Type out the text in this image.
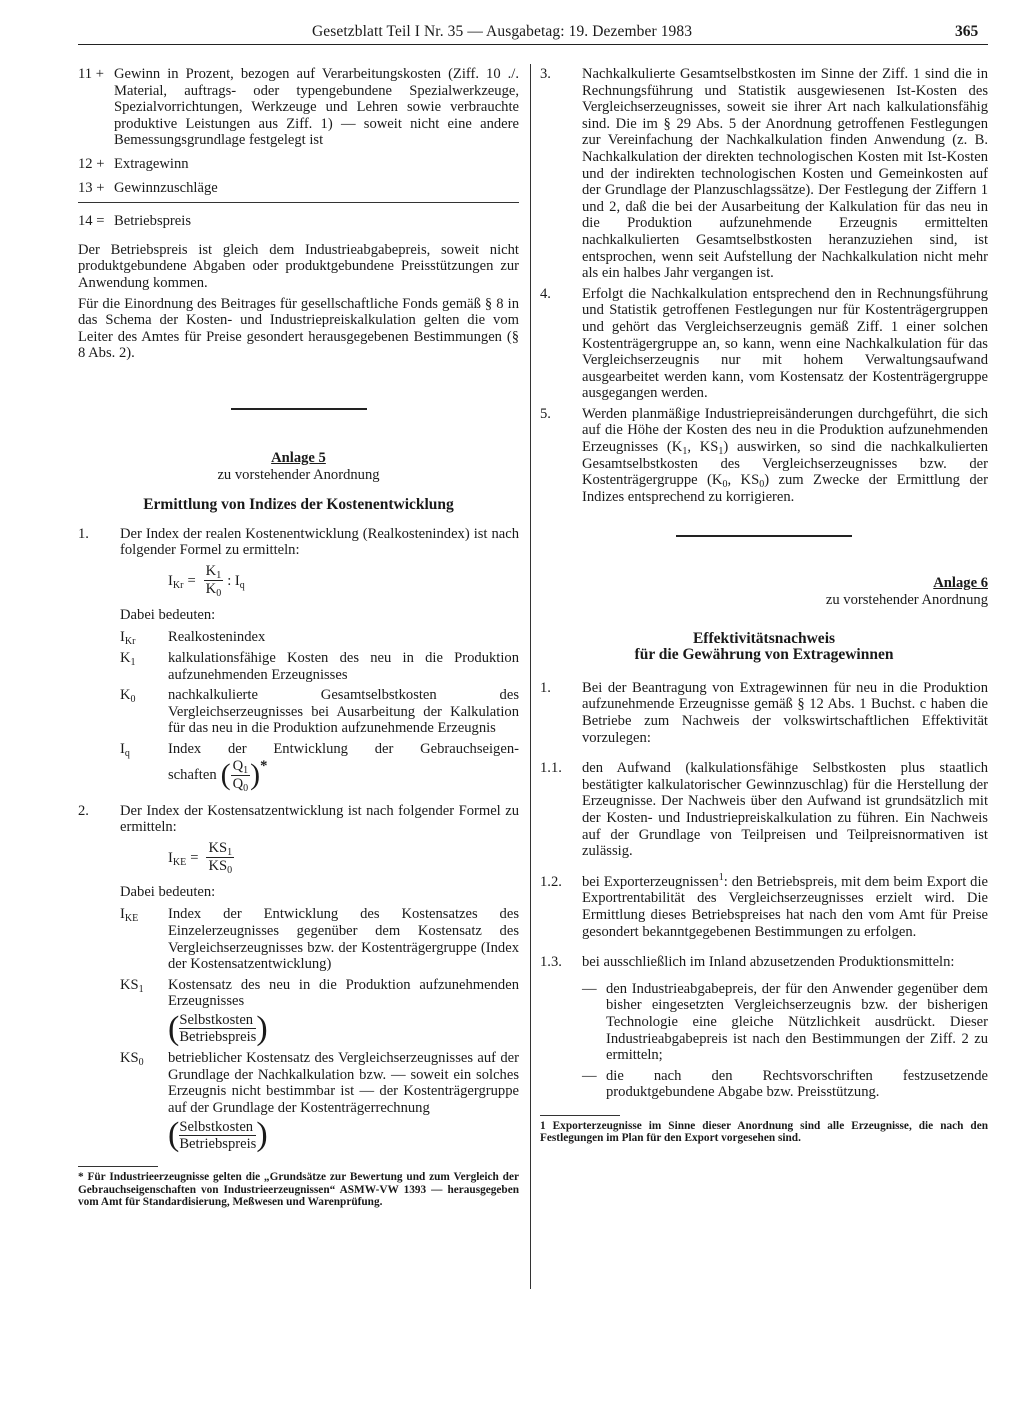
Gesetzblatt Teil I Nr. 35 — Ausgabetag: 19. Dezember 1983	365
11 + Gewinn in Prozent, bezogen auf Verarbeitungskosten (Ziff. 10 ./. Material, auftrags- oder typengebundene Spezialwerkzeuge, Spezialvorrichtungen, Werkzeuge und Lehren sowie verbrauchte produktive Leistungen aus Ziff. 1) — soweit nicht eine andere Bemessungsgrundlage festgelegt ist
12 + Extragewinn
13 + Gewinnzuschläge
14 = Betriebspreis

Der Betriebspreis ist gleich dem Industrieabgabepreis, soweit nicht produktgebundene Abgaben oder produktgebundene Preisstützungen zur Anwendung kommen.

Für die Einordnung des Beitrages für gesellschaftliche Fonds gemäß § 8 in das Schema der Kosten- und Industriepreiskalkulation gelten die vom Leiter des Amtes für Preise gesondert herausgegebenen Bestimmungen (§ 8 Abs. 2).

Anlage 5
zu vorstehender Anordnung
Ermittlung von Indizes der Kostenentwicklung
1.	Der Index der realen Kostenentwicklung (Realkostenindex) ist nach folgender Formel zu ermitteln:
$I_{Kr} = \frac{K_1}{K_0}$ : $I_q$
Dabei bedeuten:
$I_{Kr}$	Realkostenindex
$K_1$	kalkulationsfähige Kosten des neu in die Produktion aufzunehmenden Erzeugnisses
$K_0$	nachkalkulierte Gesamtselbstkosten des Vergleichserzeugnisses bei Ausarbeitung der Kalkulation für das neu in die Produktion aufzunehmende Erzeugnis
$I_q$	Index der Entwicklung der Gebrauchseigen-
schaften ( $\frac{Q_1}{Q_0}$ ) *
2.	Der Index der Kostensatzentwicklung ist nach folgender Formel zu ermitteln:
$I_{KE} = \frac{KS_1}{KS_0}$
Dabei bedeuten:
$I_{KE}$	Index der Entwicklung des Kostensatzes des Einzelerzeugnisses gegenüber dem Kostensatz des Vergleichserzeugnisses bzw. der Kostenträgergruppe (Index der Kostensatzentwicklung)
$KS_1$	Kostensatz des neu in die Produktion aufzunehmenden Erzeugnisses
( Selbstkosten
Betriebspreis )
$KS_0$	betrieblicher Kostensatz des Vergleichserzeugnisses auf der Grundlage der Nachkalkulation bzw. — soweit ein solches Erzeugnis nicht bestimmbar ist — der Kostenträgergruppe auf der Grundlage der Kostenträgerrechnung
( Selbstkosten
Betriebspreis )

* Für Industrieerzeugnisse gelten die „Grundsätze zur Bewertung und zum Vergleich der Gebrauchseigenschaften von Industrieerzeugnissen“ ASMW-VW 1393 — herausgegeben vom Amt für Standardisierung, Meßwesen und Warenprüfung.

3.	Nachkalkulierte Gesamtselbstkosten im Sinne der Ziff. 1 sind die in Rechnungsführung und Statistik ausgewiesenen Ist-Kosten des Vergleichserzeugnisses, soweit sie ihrer Art nach kalkulationsfähig sind. Die im § 29 Abs. 5 der Anordnung getroffenen Festlegungen zur Vereinfachung der Nachkalkulation finden Anwendung (z. B. Nachkalkulation der direkten technologischen Kosten mit Ist-Kosten und der indirekten technologischen Kosten und Gemeinkosten auf der Grundlage der Planzuschlagssätze). Der Festlegung der Ziffern 1 und 2, daß die bei der Ausarbeitung der Kalkulation für das neu in die Produktion aufzunehmende Erzeugnis ermittelten nachkalkulierten Gesamtselbstkosten heranzuziehen sind, ist entsprochen, wenn seit Aufstellung der Nachkalkulation nicht mehr als ein halbes Jahr vergangen ist.
4.	Erfolgt die Nachkalkulation entsprechend den in Rechnungsführung und Statistik getroffenen Festlegungen nur für Kostenträgergruppen und gehört das Vergleichserzeugnis gemäß Ziff. 1 einer solchen Kostenträgergruppe an, so kann, wenn eine Nachkalkulation für das Vergleichserzeugnis nur mit hohem Verwaltungsaufwand ausgearbeitet werden kann, vom Kostensatz der Kostenträgergruppe ausgegangen werden.
5.	Werden planmäßige Industriepreisänderungen durchgeführt, die sich auf die Höhe der Kosten des neu in die Produktion aufzunehmenden Erzeugnisses ($K_1$, $KS_1$) auswirken, so sind die nachkalkulierten Gesamtselbstkosten des Vergleichserzeugnisses bzw. der Kostenträgergruppe ($K_0$, $KS_0$) zum Zwecke der Ermittlung der Indizes entsprechend zu korrigieren.
Anlage 6
zu vorstehender Anordnung
Effektivitätsnachweis
für die Gewährung von Extragewinnen
1.	Bei der Beantragung von Extragewinnen für neu in die Produktion aufzunehmende Erzeugnisse gemäß § 12 Abs. 1 Buchst. c haben die Betriebe zum Nachweis der volkswirtschaftlichen Effektivität vorzulegen:
1.1.	den Aufwand (kalkulationsfähige Selbstkosten plus staatlich bestätigter kalkulatorischer Gewinnzuschlag) für die Herstellung der Erzeugnisse. Der Nachweis über den Aufwand ist grundsätzlich mit der Kosten- und Industriepreiskalkulation zu führen. Ein Nachweis auf der Grundlage von Teilpreisen und Teilpreisnormativen ist zulässig.
1.2.	bei Exporterzeugnissen$^1$: den Betriebspreis, mit dem beim Export die Exportrentabilität des Vergleichserzeugnisses erzielt wird. Die Ermittlung dieses Betriebspreises hat nach den vom Amt für Preise gesondert bekanntgegebenen Bestimmungen zu erfolgen.
1.3.	bei ausschließlich im Inland abzusetzenden Produktionsmitteln:
— den Industrieabgabepreis, der für den Anwender gegenüber dem bisher eingesetzten Vergleichserzeugnis bzw. der bisherigen Technologie eine gleiche Nützlichkeit ausdrückt. Dieser Industrieabgabepreis ist nach den Bestimmungen der Ziff. 2 zu ermitteln;
— die nach den Rechtsvorschriften festzusetzende produktgebundene Abgabe bzw. Preisstützung.

1 Exporterzeugnisse im Sinne dieser Anordnung sind alle Erzeugnisse, die nach den Festlegungen im Plan für den Export vorgesehen sind.
